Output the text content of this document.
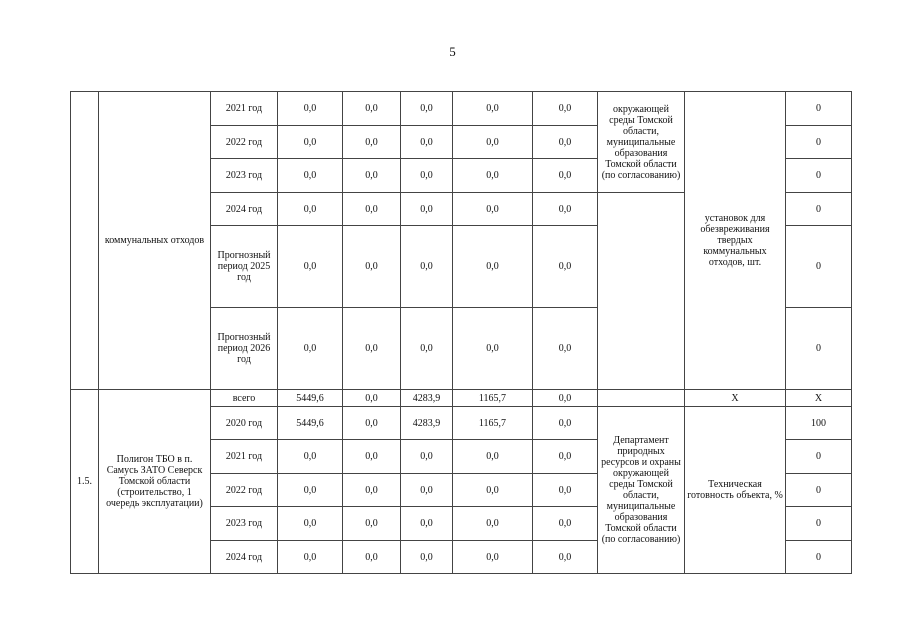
5
	коммунальных отходов	2021 год	0,0	0,0	0,0	0,0	0,0	окружающей среды Томской области, муниципальные образования Томской области (по согласованию)	установок для обезвреживания твердых коммунальных отходов, шт.	0
		2022 год	0,0	0,0	0,0	0,0	0,0			0
		2023 год	0,0	0,0	0,0	0,0	0,0			0
		2024 год	0,0	0,0	0,0	0,0	0,0			0
		Прогнозный период 2025 год	0,0	0,0	0,0	0,0	0,0			0
		Прогнозный период 2026 год	0,0	0,0	0,0	0,0	0,0			0
1.5.	Полигон ТБО в п. Самусь ЗАТО Северск Томской области (строительство, 1 очередь эксплуатации)	всего	5449,6	0,0	4283,9	1165,7	0,0		X	X
		2020 год	5449,6	0,0	4283,9	1165,7	0,0	Департамент природных ресурсов и охраны окружающей среды Томской области, муниципальные образования Томской области (по согласованию)	Техническая готовность объекта, %	100
		2021 год	0,0	0,0	0,0	0,0	0,0			0
		2022 год	0,0	0,0	0,0	0,0	0,0			0
		2023 год	0,0	0,0	0,0	0,0	0,0			0
		2024 год	0,0	0,0	0,0	0,0	0,0			0
